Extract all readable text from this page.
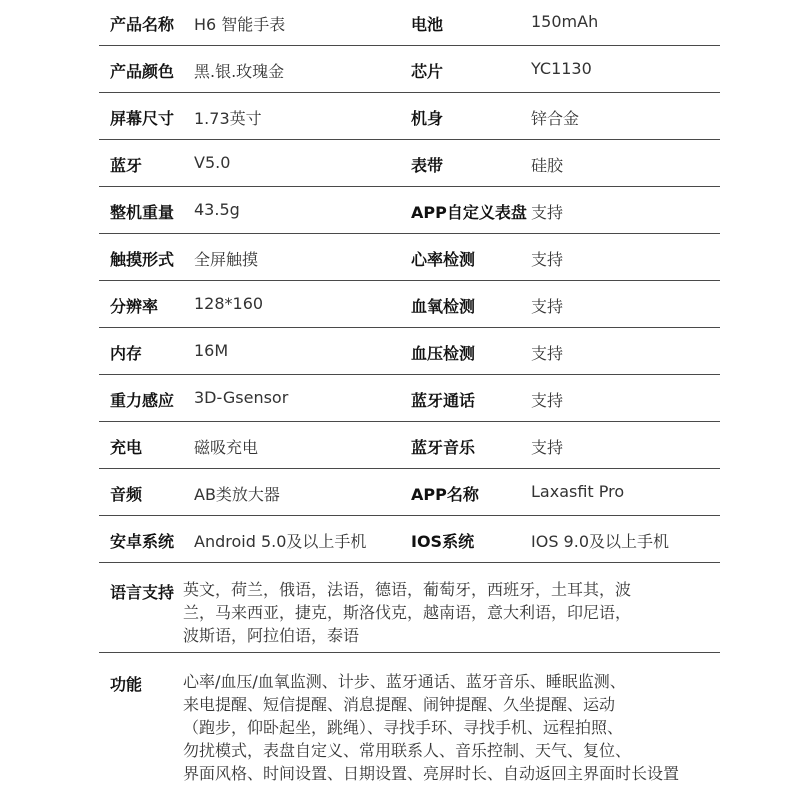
产品名称 H6 智能手表	电池	150mAh
产品颜色 黑.银.玫瑰金	芯片	YC1130
屏幕尺寸 1.73英寸	机身	锌合金
蓝牙	V5.0	表带	硅胶
整机重量 43.5g	APP自定义表盘 支持
触摸形式 全屏触摸	心率检测	支持
分辨率 128*160	血氧检测	支持
内存	16M	血压检测	支持
重力感应 3D-Gsensor	蓝牙通话	支持
充电	磁吸充电	蓝牙音乐	支持
音频	AB类放大器	APP名称	Laxasfit Pro
安卓系统 Android 5.0及以上手机	IOS系统	IOS 9.0及以上手机
语言支持 英文，荷兰，俄语，法语，德语，葡萄牙，西班牙，土耳其，波
兰，马来西亚，捷克，斯洛伐克，越南语，意大利语，印尼语，
波斯语，阿拉伯语，泰语
功能	心率/血压/血氧监测、计步、蓝牙通话、蓝牙音乐、睡眠监测、
来电提醒、短信提醒、消息提醒、闹钟提醒、久坐提醒、运动
（跑步，仰卧起坐，跳绳）、寻找手环、寻找手机、远程拍照、
勿扰模式，表盘自定义、常用联系人、音乐控制、天气、复位、
界面风格、时间设置、日期设置、亮屏时长、自动返回主界面时长设置
